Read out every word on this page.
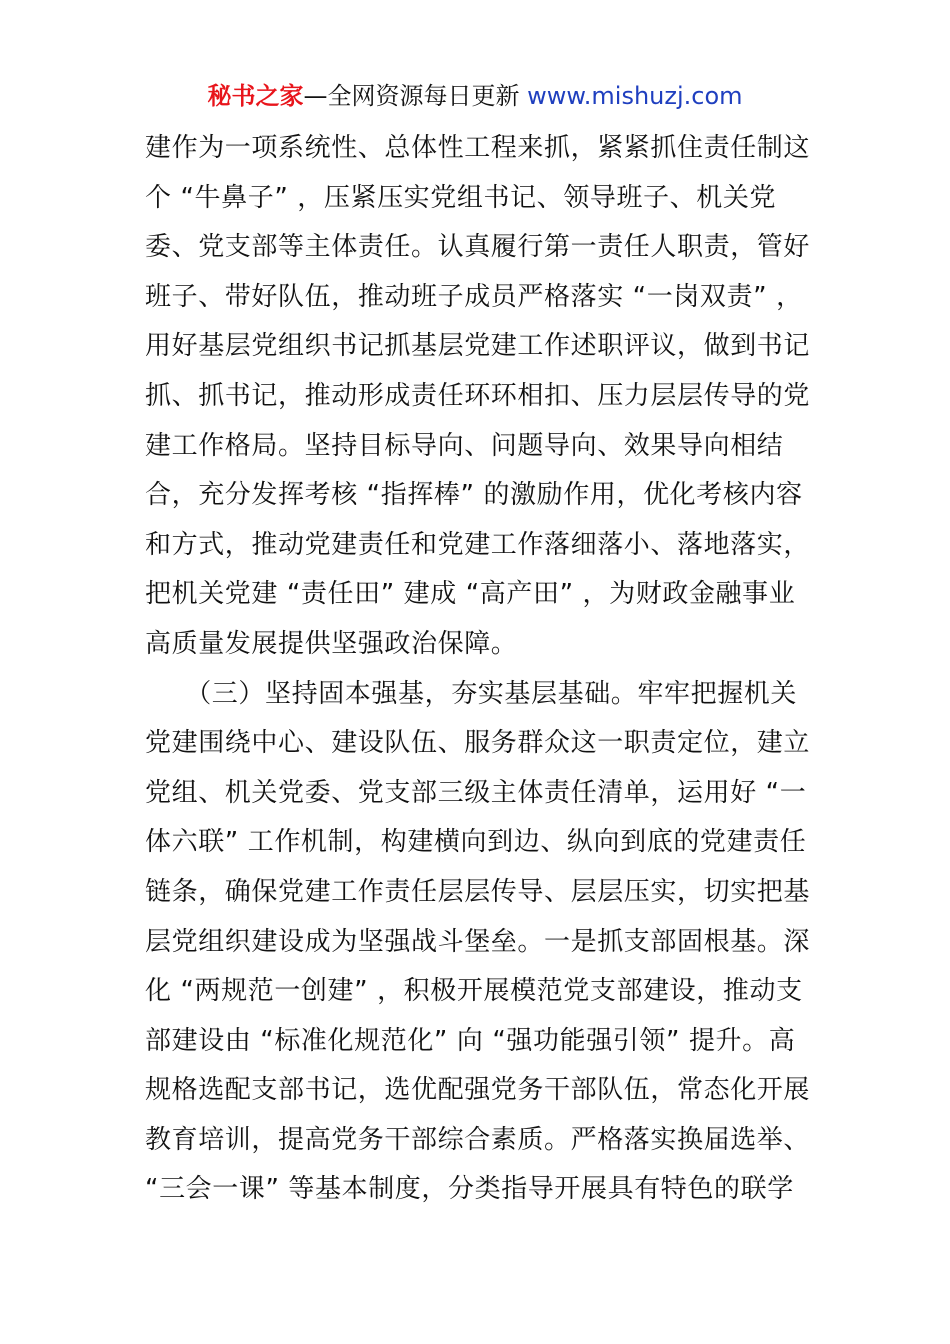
秘书之家—全网资源每日更新 www.mishuzj.com
建作为一项系统性、总体性工程来抓，紧紧抓住责任制这
个 “牛鼻子” ，压紧压实党组书记、领导班子、机关党
委、党支部等主体责任。认真履行第一责任人职责，管好
班子、带好队伍，推动班子成员严格落实 “一岗双责” ，
用好基层党组织书记抓基层党建工作述职评议，做到书记
抓、抓书记，推动形成责任环环相扣、压力层层传导的党
建工作格局。坚持目标导向、问题导向、效果导向相结
合，充分发挥考核 “指挥棒” 的激励作用，优化考核内容
和方式，推动党建责任和党建工作落细落小、落地落实，
把机关党建 “责任田” 建成 “高产田” ，为财政金融事业
高质量发展提供坚强政治保障。
　　（三）坚持固本强基，夯实基层基础。牢牢把握机关
党建围绕中心、建设队伍、服务群众这一职责定位，建立
党组、机关党委、党支部三级主体责任清单，运用好 “一
体六联” 工作机制，构建横向到边、纵向到底的党建责任
链条，确保党建工作责任层层传导、层层压实，切实把基
层党组织建设成为坚强战斗堡垒。一是抓支部固根基。深
化 “两规范一创建” ，积极开展模范党支部建设，推动支
部建设由 “标准化规范化” 向 “强功能强引领” 提升。高
规格选配支部书记，选优配强党务干部队伍，常态化开展
教育培训，提高党务干部综合素质。严格落实换届选举、
“三会一课” 等基本制度，分类指导开展具有特色的联学
